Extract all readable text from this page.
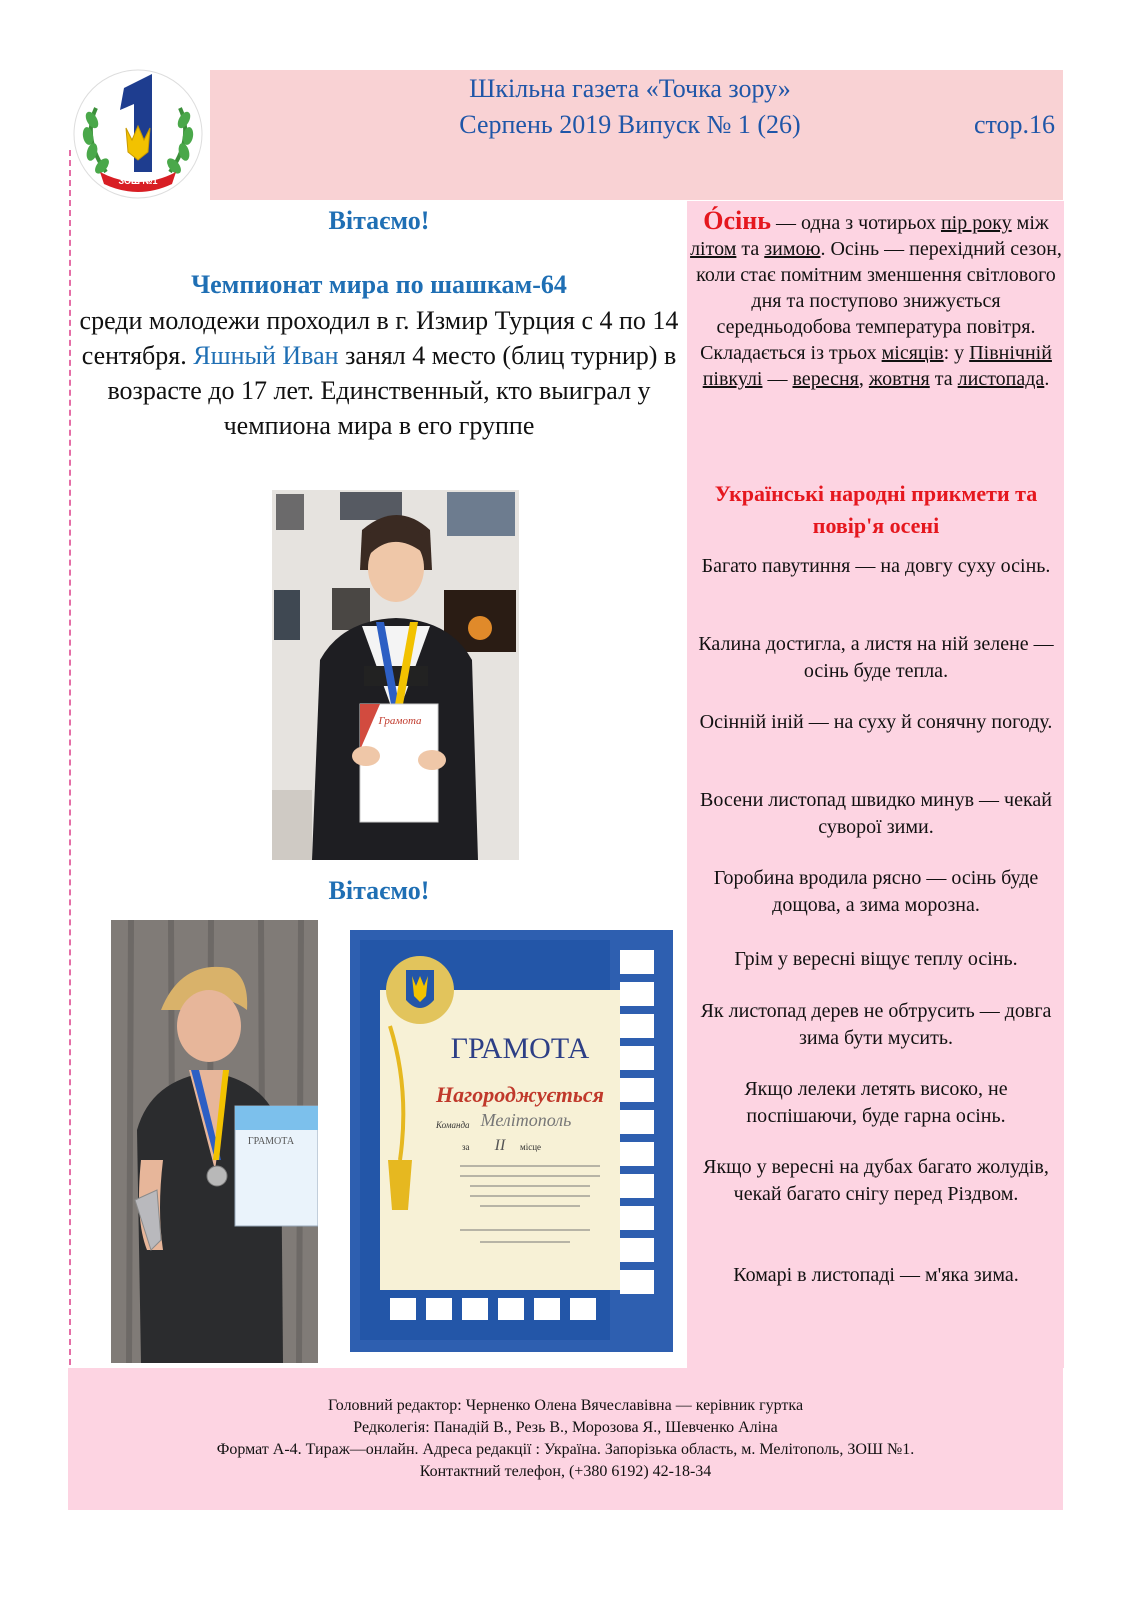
ЗОШ №1
Шкільна газета «Точка зору»
Серпень 2019 Випуск № 1 (26)	стор.16
Вітаємо!
Чемпионат мира по шашкам-64
среди молодежи проходил в г. Измир Турция с 4 по 14 сентября. Яшный Иван занял 4 место (блиц турнир) в возрасте до 17 лет. Единственный, кто выиграл у чемпиона мира в его группе
Грамота
Вітаємо!
ГРАМОТА
ГРАМОТА
Нагороджується
Команда Мелітополь
за II місце
Óсінь — одна з чотирьох пір року між літом та зимою. Осінь — перехідний сезон, коли стає помітним зменшення світлового дня та поступово знижується середньодобова температура повітря. Складається із трьох місяців: у Північній півкулі — вересня, жовтня та листопада.
Українські народні прикмети та повір'я осені
Багато павутиння — на довгу суху осінь.
Калина достигла, а листя на ній зелене — осінь буде тепла.
Осінній іній — на суху й сонячну погоду.
Восени листопад швидко минув — чекай суворої зими.
Горобина вродила рясно — осінь буде дощова, а зима морозна.
Грім у вересні віщує теплу осінь.
Як листопад дерев не обтрусить — довга зима бути мусить.
Якщо лелеки летять високо, не поспішаючи, буде гарна осінь.
Якщо у вересні на дубах багато жолудів, чекай багато снігу перед Різдвом.
Комарі в листопаді — м'яка зима.
Головний редактор: Черненко Олена Вячеславівна — керівник гуртка
Редколегія: Панадій В., Резь В., Морозова Я., Шевченко Аліна
Формат А-4. Тираж—онлайн. Адреса редакції : Україна. Запорізька область, м. Мелітополь, ЗОШ №1.
Контактний телефон, (+380 6192) 42-18-34
